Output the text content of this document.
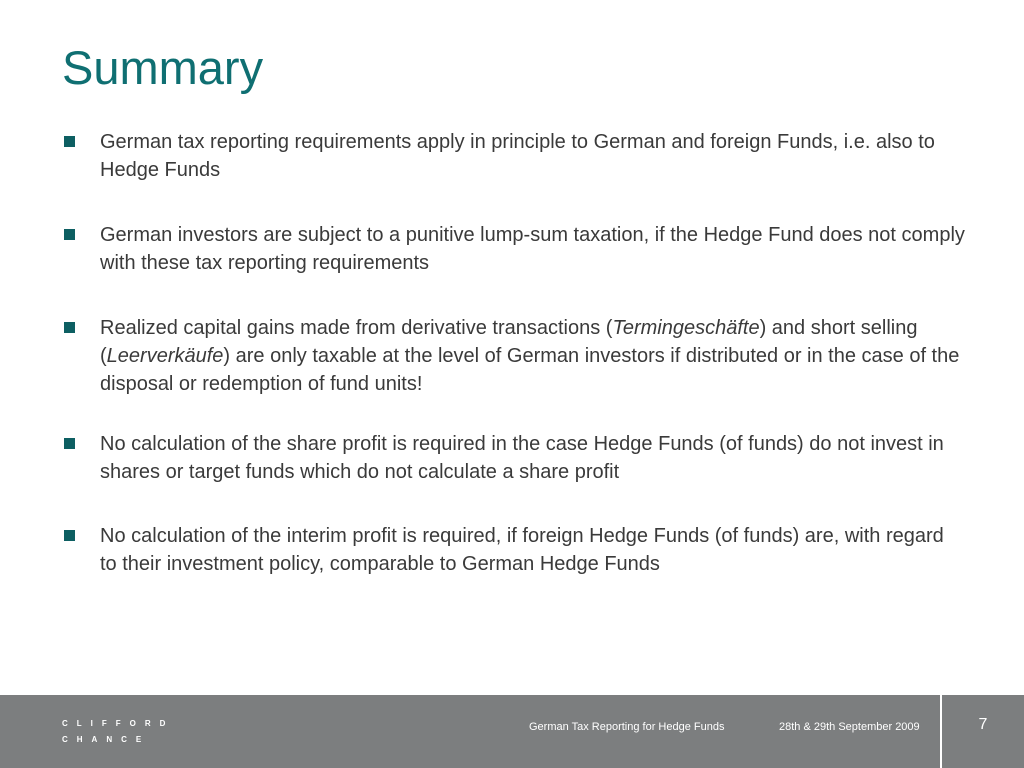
Summary
German tax reporting requirements apply in principle to German and foreign Funds, i.e. also to Hedge Funds
German investors are subject to a punitive lump-sum taxation, if the Hedge Fund does not comply with these tax reporting requirements
Realized capital gains made from derivative transactions (Termingeschäfte) and short selling (Leerverkäufe) are only taxable at the level of German investors if distributed or in the case of the disposal or redemption of fund units!
No calculation of the share profit is required in the case Hedge Funds (of funds) do not invest in shares or target funds which do not calculate a share profit
No calculation of the interim profit is required, if foreign Hedge Funds (of funds) are, with regard to their investment policy, comparable to German Hedge Funds
CLIFFORD
CHANCE
German Tax Reporting for Hedge Funds	28th & 29th September 2009	7
